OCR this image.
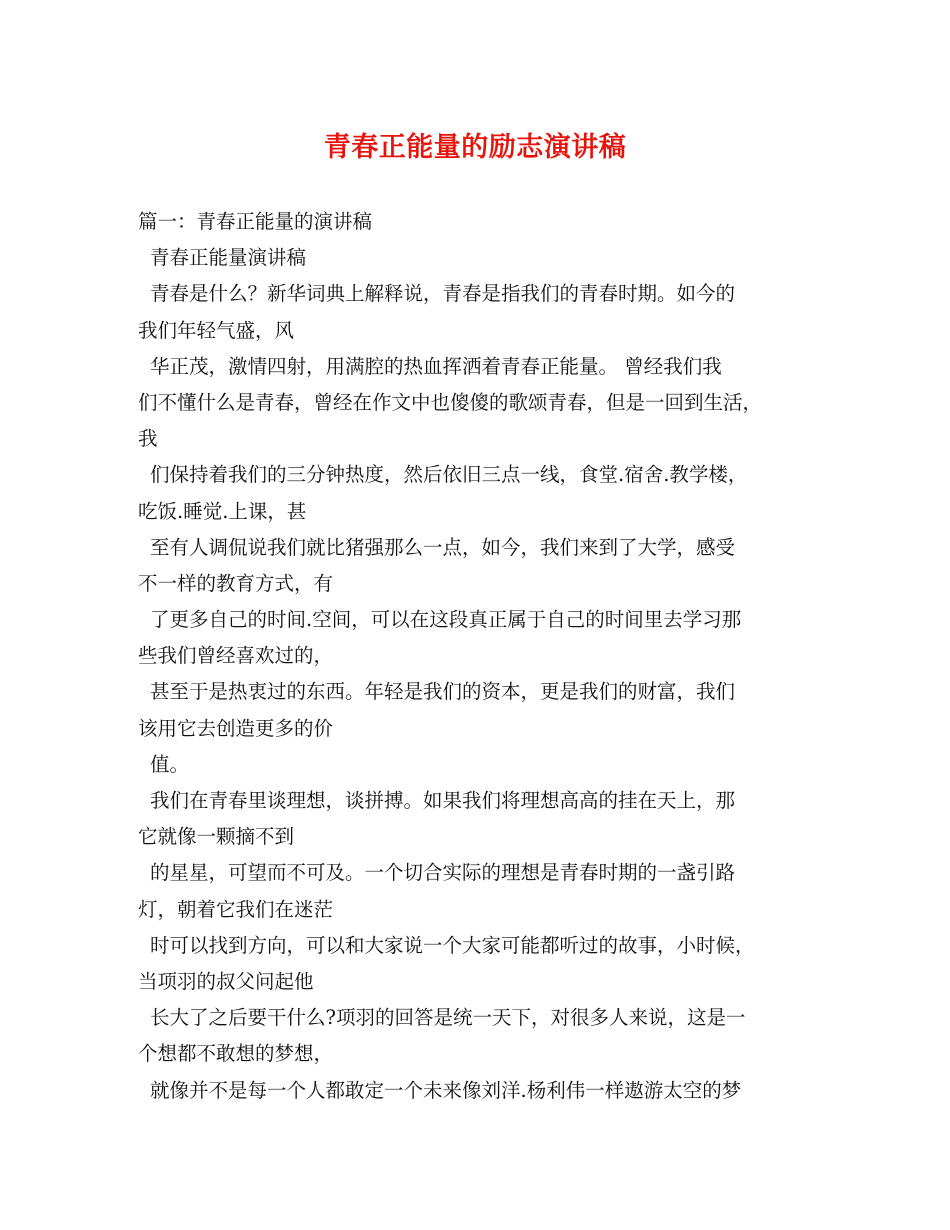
青春正能量的励志演讲稿
篇一：青春正能量的演讲稿
青春正能量演讲稿
青春是什么？新华词典上解释说，青春是指我们的青春时期。如今的
我们年轻气盛，风
华正茂，激情四射，用满腔的热血挥洒着青春正能量。 曾经我们我
们不懂什么是青春，曾经在作文中也傻傻的歌颂青春，但是一回到生活，
我
们保持着我们的三分钟热度，然后依旧三点一线，食堂.宿舍.教学楼，
吃饭.睡觉.上课，甚
至有人调侃说我们就比猪强那么一点，如今，我们来到了大学，感受
不一样的教育方式，有
了更多自己的时间.空间，可以在这段真正属于自己的时间里去学习那
些我们曾经喜欢过的，
甚至于是热衷过的东西。年轻是我们的资本，更是我们的财富，我们
该用它去创造更多的价
值。
我们在青春里谈理想，谈拼搏。如果我们将理想高高的挂在天上，那
它就像一颗摘不到
的星星，可望而不可及。一个切合实际的理想是青春时期的一盏引路
灯，朝着它我们在迷茫
时可以找到方向，可以和大家说一个大家可能都听过的故事，小时候，
当项羽的叔父问起他
长大了之后要干什么?项羽的回答是统一天下，对很多人来说，这是一
个想都不敢想的梦想，
就像并不是每一个人都敢定一个未来像刘洋.杨利伟一样遨游太空的梦
